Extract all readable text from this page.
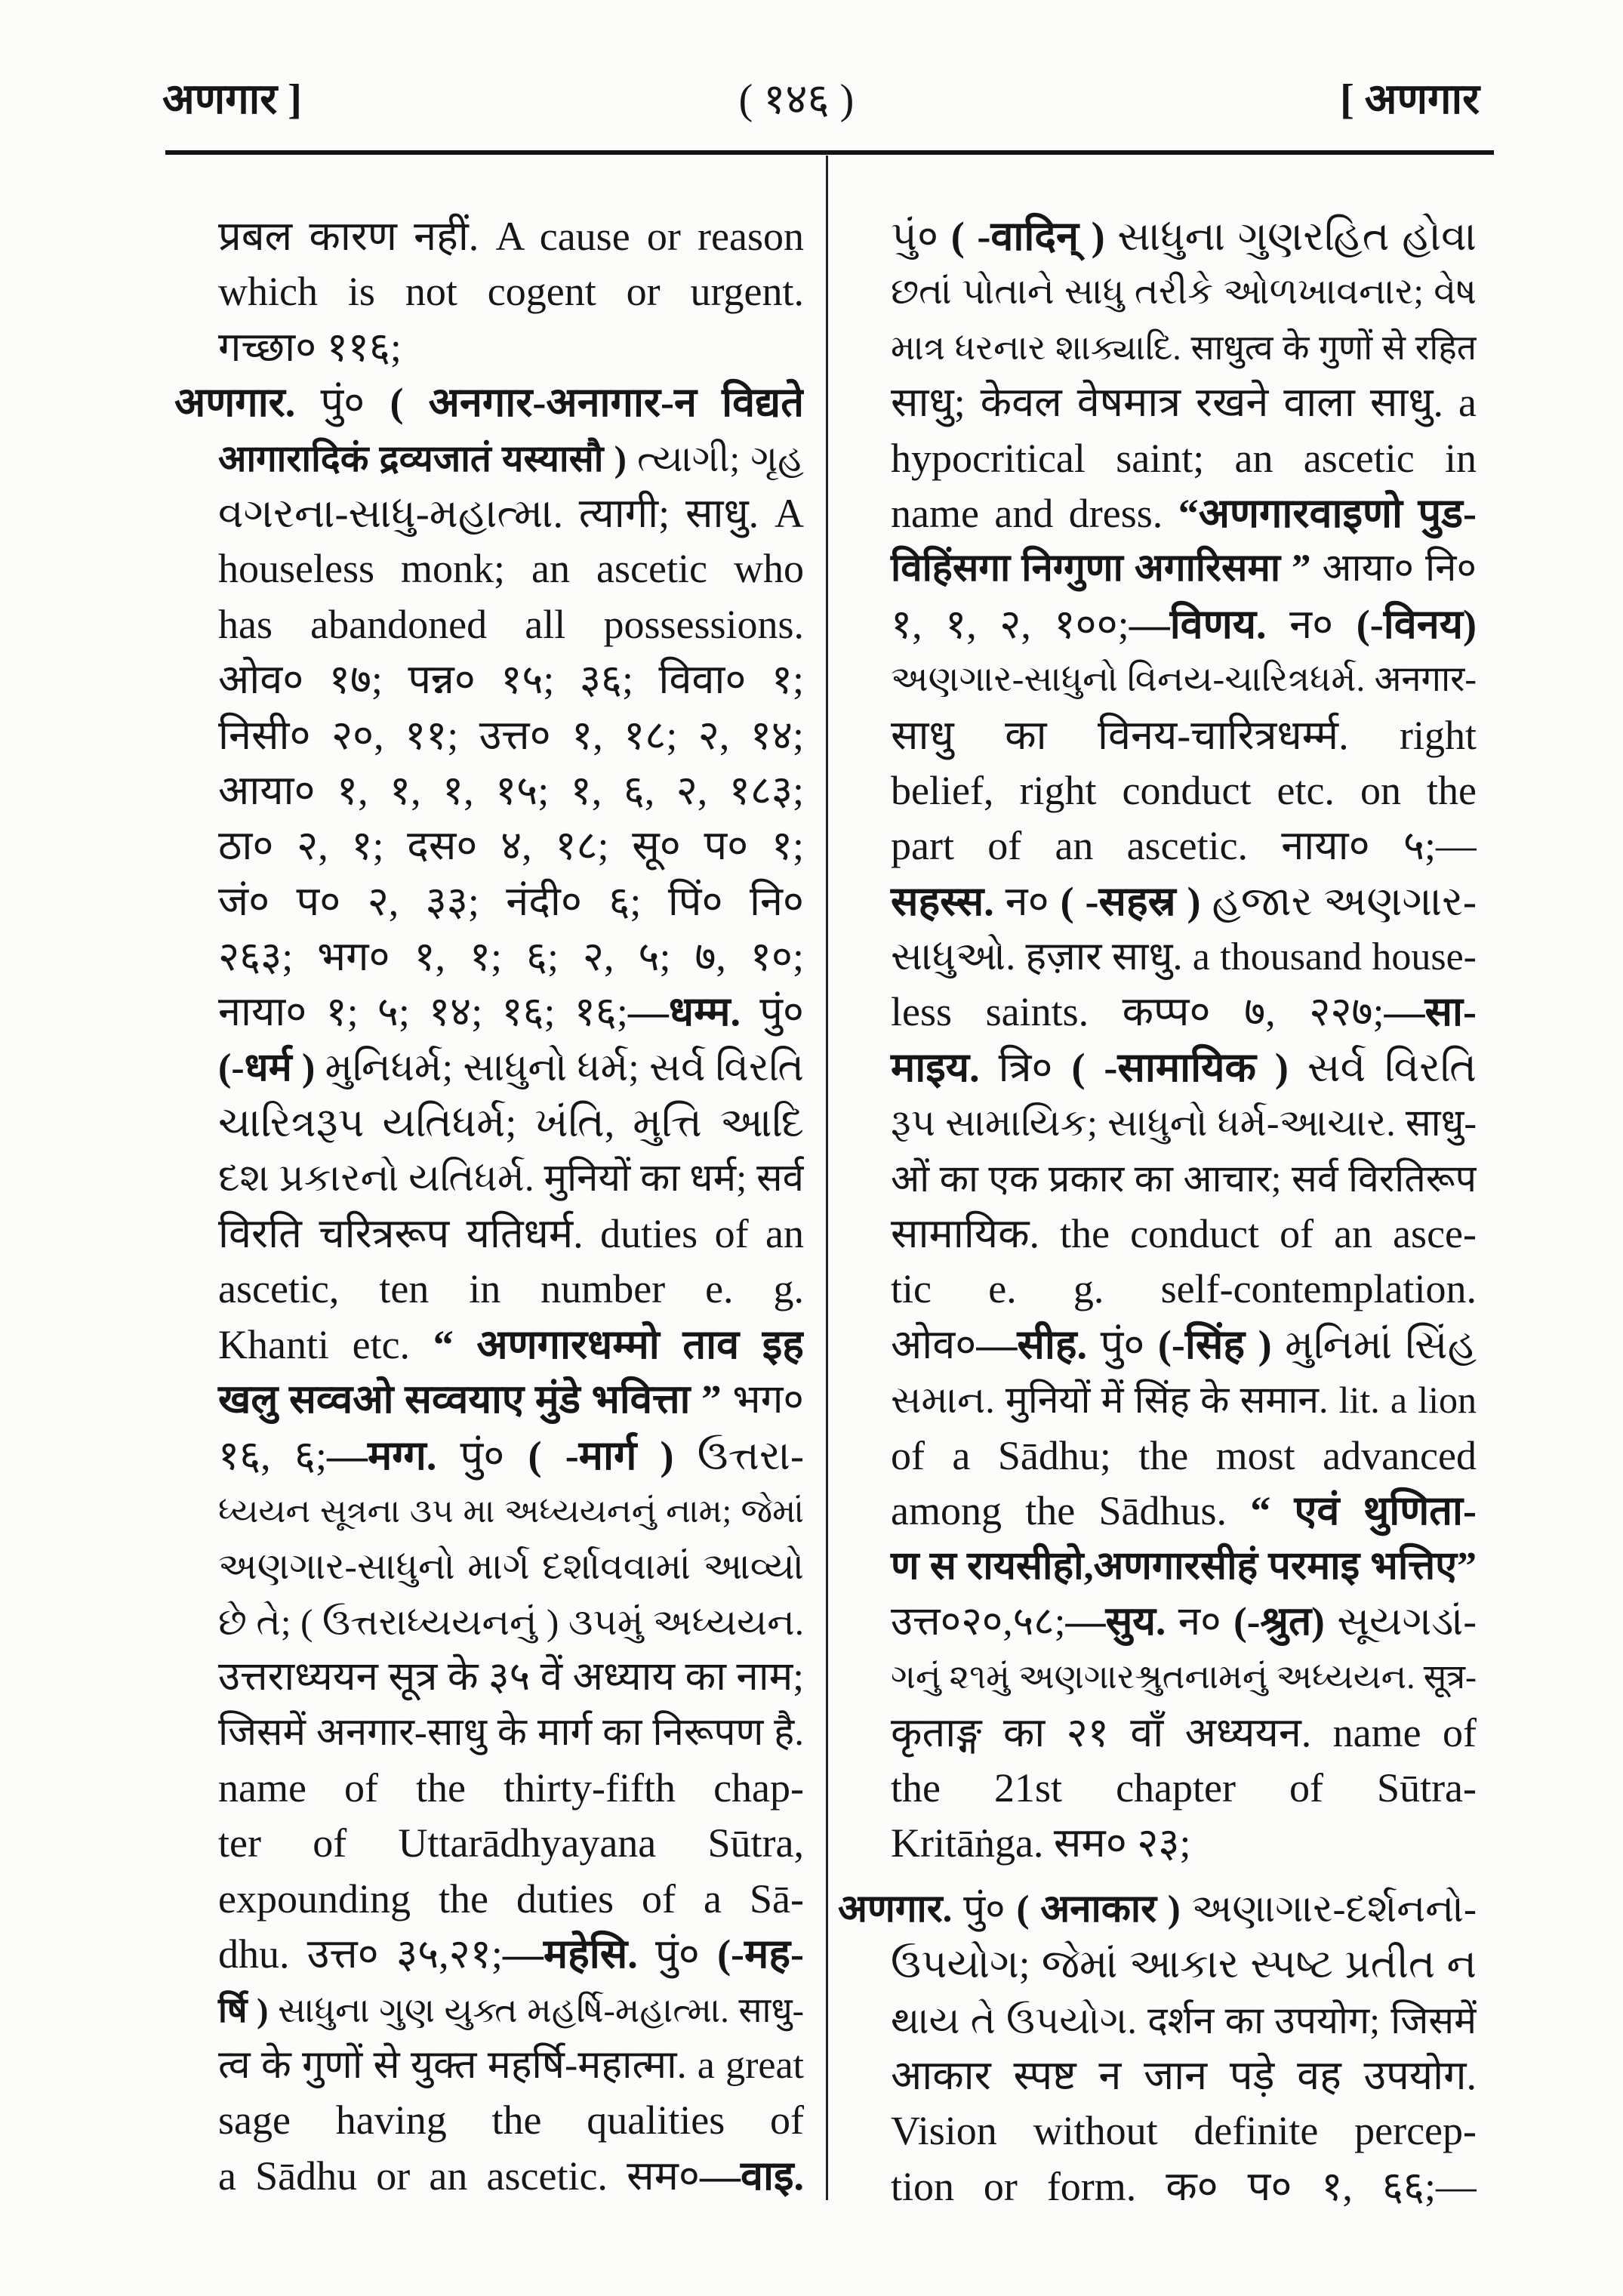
अणगार ]	( १४६ )	[ अणगार
प्रबल कारण नहीं. A cause or reason
which is not cogent or urgent.
गच्छा० ११६;
अणगार. पुं० ( अनगार-अनागार-न विद्यते
आगारादिकं द्रव्यजातं यस्यासौ ) ત્યાગી; ગૃહ
વગરના-સાધુ-મહાત્મા. त्यागी; साधु. A
houseless monk; an ascetic who
has abandoned all possessions.
ओव० १७; पन्न० १५; ३६; विवा० १;
निसी० २०, ११; उत्त० १, १८; २, १४;
आया० १, १, १, १५; १, ६, २, १८३;
ठा० २, १; दस० ४, १८; सू० प० १;
जं० प० २, ३३; नंदी० ६; पिं० नि०
२६३; भग० १, १; ६; २, ५; ७, १०;
नाया० १; ५; १४; १६; १६;—धम्म. पुं०
(-धर्म ) મુનિધર્મ; સાધુનો ધર્મ; સર્વ વિરતિ
ચારિત્રરૂપ યતિધર્મ; ખંતિ, મુત્તિ આદિ
દશ પ્રકારનો યતિધર્મ. मुनियों का धर्म; सर्व
विरति चरित्ररूप यतिधर्म. duties of an
ascetic, ten in number e. g.
Khanti etc. “ अणगारधम्मो ताव इह
खलु सव्वओ सव्वयाए मुंडे भवित्ता ” भग०
१६, ६;—मग्ग. पुं० ( -मार्ग ) ઉત્તરા-
ધ્યયન સૂત્રના ૩૫ મા અધ્યયનનું નામ; જેમાં
અણગાર-સાધુનો માર્ગ દર્શાવવામાં આવ્યો
છે તે; ( ઉત્તરાધ્યયનનું ) ૩૫મું અધ્યયન.
उत्तराध्ययन सूत्र के ३५ वें अध्याय का नाम;
जिसमें अनगार-साधु के मार्ग का निरूपण है.
name of the thirty-fifth chap-
ter of Uttarādhyayana Sūtra,
expounding the duties of a Sā-
dhu. उत्त० ३५,२१;—महेसि. पुं० (-मह-
र्षि ) સાધુના ગુણ યુક્ત મહર્ષિ-મહાત્મા. साधु-
त्व के गुणों से युक्त महर्षि-महात्मा. a great
sage having the qualities of
a Sādhu or an ascetic. सम०—वाइ.
પું० ( -वादिन् ) સાધુના ગુણરહિત હોવા
છતાં પોતાને સાધુ તરીકે ઓળખાવનાર; વેષ
માત્ર ધરનાર શાક્યાદિ. साधुत्व के गुणों से रहित
साधु; केवल वेषमात्र रखने वाला साधु. a
hypocritical saint; an ascetic in
name and dress. “अणगारवाइणो पुड-
विहिंसगा निग्गुणा अगारिसमा ” आया० नि०
१, १, २, १००;—विणय. न० (-विनय)
અણગાર-સાધુનો વિનય-ચારિત્રધર્મ. अनगार-
साधु का विनय-चारित्रधर्म्म. right
belief, right conduct etc. on the
part of an ascetic. नाया० ५;—
सहस्स. न० ( -सहस्र ) હજાર અણગાર-
સાધુઓ. हज़ार साधु. a thousand house-
less saints. कप्प० ७, २२७;—सा-
माइय. त्रि० ( -सामायिक ) સર્વ વિરતિ
રૂપ સામાયિક; સાધુનો ધર્મ-આચાર. साधु-
ओं का एक प्रकार का आचार; सर्व विरतिरूप
सामायिक. the conduct of an asce-
tic e. g. self-contemplation.
ओव०—सीह. पुं० (-सिंह ) મુનિમાં સિંહ
સમાન. मुनियों में सिंह के समान. lit. a lion
of a Sādhu; the most advanced
among the Sādhus. “ एवं थुणिता-
ण स रायसीहो,अणगारसीहं परमाइ भत्तिए”
उत्त०२०,५८;—सुय. न० (-श्रुत) સૂયગડાં-
ગનું ૨૧મું અણગારશ્રુતનામનું અધ્યયન. सूत्र-
कृताङ्ग का २१ वाँ अध्ययन. name of
the 21st chapter of Sūtra-
Kritāṅga. सम० २३;
अणगार. पुं० ( अनाकार ) અણાગાર-દર્શનનો-
ઉપયોગ; જેમાં આકાર સ્પષ્ટ પ્રતીત ન
થાય તે ઉપયોગ. दर्शन का उपयोग; जिसमें
आकार स्पष्ट न जान पड़े वह उपयोग.
Vision without definite percep-
tion or form. क० प० १, ६६;—
